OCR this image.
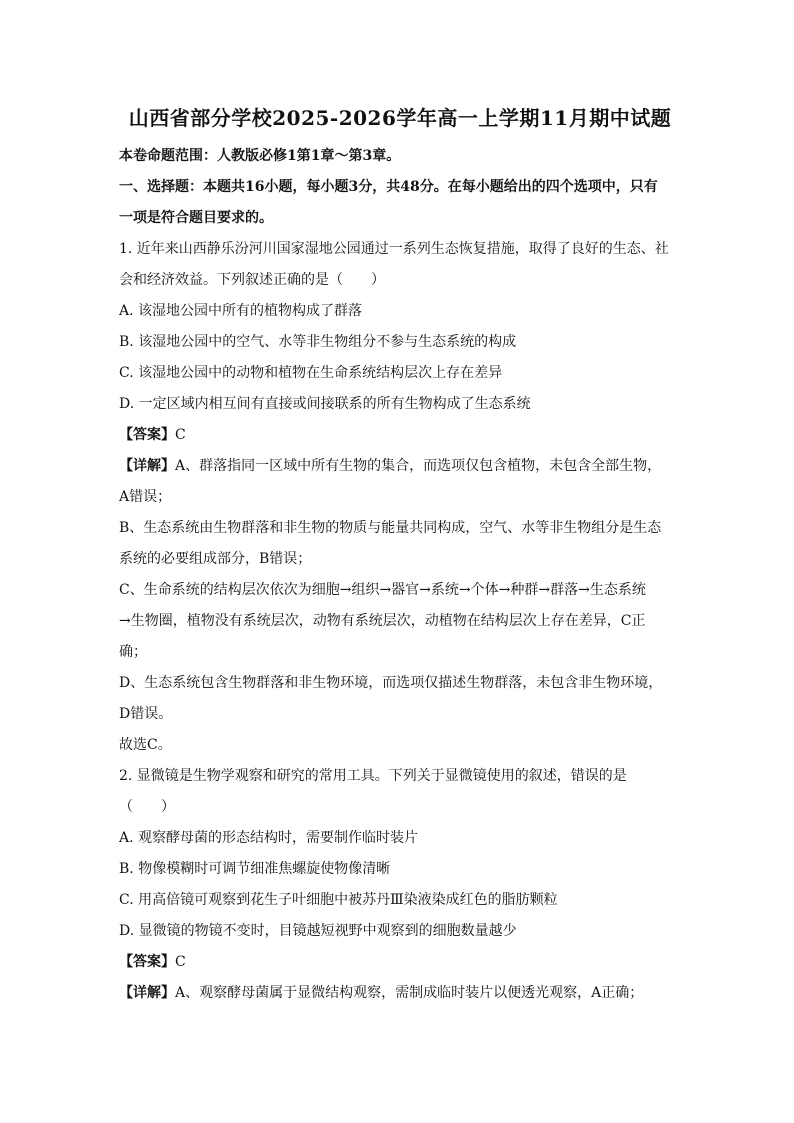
山西省部分学校2025-2026学年高一上学期11月期中试题
本卷命题范围：人教版必修1第1章～第3章。
一、选择题：本题共16小题，每小题3分，共48分。在每小题给出的四个选项中，只有
一项是符合题目要求的。
1. 近年来山西静乐汾河川国家湿地公园通过一系列生态恢复措施，取得了良好的生态、社
会和经济效益。下列叙述正确的是（　　）
A. 该湿地公园中所有的植物构成了群落
B. 该湿地公园中的空气、水等非生物组分不参与生态系统的构成
C. 该湿地公园中的动物和植物在生命系统结构层次上存在差异
D. 一定区域内相互间有直接或间接联系的所有生物构成了生态系统
【答案】C
【详解】A、群落指同一区域中所有生物的集合，而选项仅包含植物，未包含全部生物，
A错误；
B、生态系统由生物群落和非生物的物质与能量共同构成，空气、水等非生物组分是生态
系统的必要组成部分，B错误；
C、生命系统的结构层次依次为细胞→组织→器官→系统→个体→种群→群落→生态系统
→生物圈，植物没有系统层次，动物有系统层次，动植物在结构层次上存在差异，C正
确；
D、生态系统包含生物群落和非生物环境，而选项仅描述生物群落，未包含非生物环境，
D错误。
故选C。
2. 显微镜是生物学观察和研究的常用工具。下列关于显微镜使用的叙述，错误的是
（　　）
A. 观察酵母菌的形态结构时，需要制作临时装片
B. 物像模糊时可调节细准焦螺旋使物像清晰
C. 用高倍镜可观察到花生子叶细胞中被苏丹Ⅲ染液染成红色的脂肪颗粒
D. 显微镜的物镜不变时，目镜越短视野中观察到的细胞数量越少
【答案】C
【详解】A、观察酵母菌属于显微结构观察，需制成临时装片以便透光观察，A正确；
